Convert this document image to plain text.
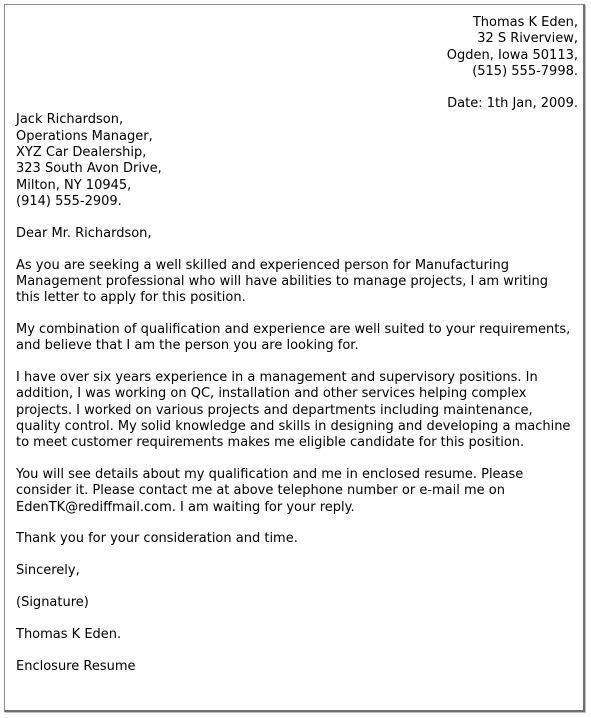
Thomas K Eden,
32 S Riverview,
Ogden, Iowa 50113,
(515) 555-7998.
Date: 1th Jan, 2009.
Jack Richardson,
Operations Manager,
XYZ Car Dealership,
323 South Avon Drive,
Milton, NY 10945,
(914) 555-2909.
Dear Mr. Richardson,
As you are seeking a well skilled and experienced person for Manufacturing
Management professional who will have abilities to manage projects, I am writing
this letter to apply for this position.
My combination of qualification and experience are well suited to your requirements,
and believe that I am the person you are looking for.
I have over six years experience in a management and supervisory positions. In
addition, I was working on QC, installation and other services helping complex
projects. I worked on various projects and departments including maintenance,
quality control. My solid knowledge and skills in designing and developing a machine
to meet customer requirements makes me eligible candidate for this position.
You will see details about my qualification and me in enclosed resume. Please
consider it. Please contact me at above telephone number or e-mail me on
EdenTK@rediffmail.com. I am waiting for your reply.
Thank you for your consideration and time.
Sincerely,
(Signature)
Thomas K Eden.
Enclosure Resume
